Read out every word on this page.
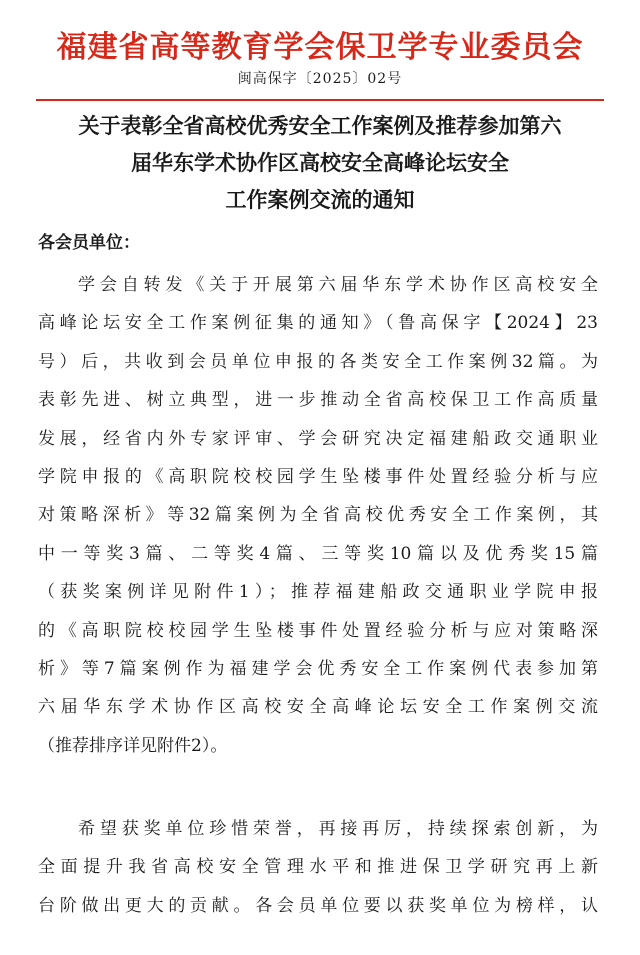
福建省高等教育学会保卫学专业委员会
闽高保字〔2025〕02号
关于表彰全省高校优秀安全工作案例及推荐参加第六
届华东学术协作区高校安全高峰论坛安全
工作案例交流的通知
各会员单位：
学会自转发《关于开展第六届华东学术协作区高校安全
高峰论坛安全工作案例征集的通知》（鲁高保字【2024】23
号）后，共收到会员单位申报的各类安全工作案例32篇。为
表彰先进、树立典型，进一步推动全省高校保卫工作高质量
发展，经省内外专家评审、学会研究决定福建船政交通职业
学院申报的《高职院校校园学生坠楼事件处置经验分析与应
对策略深析》等32篇案例为全省高校优秀安全工作案例，其
中一等奖3篇、二等奖4篇、三等奖10篇以及优秀奖15篇
（获奖案例详见附件1）；推荐福建船政交通职业学院申报
的《高职院校校园学生坠楼事件处置经验分析与应对策略深
析》等7篇案例作为福建学会优秀安全工作案例代表参加第
六届华东学术协作区高校安全高峰论坛安全工作案例交流
（推荐排序详见附件2）。
希望获奖单位珍惜荣誉，再接再厉，持续探索创新，为
全面提升我省高校安全管理水平和推进保卫学研究再上新
台阶做出更大的贡献。各会员单位要以获奖单位为榜样，认
